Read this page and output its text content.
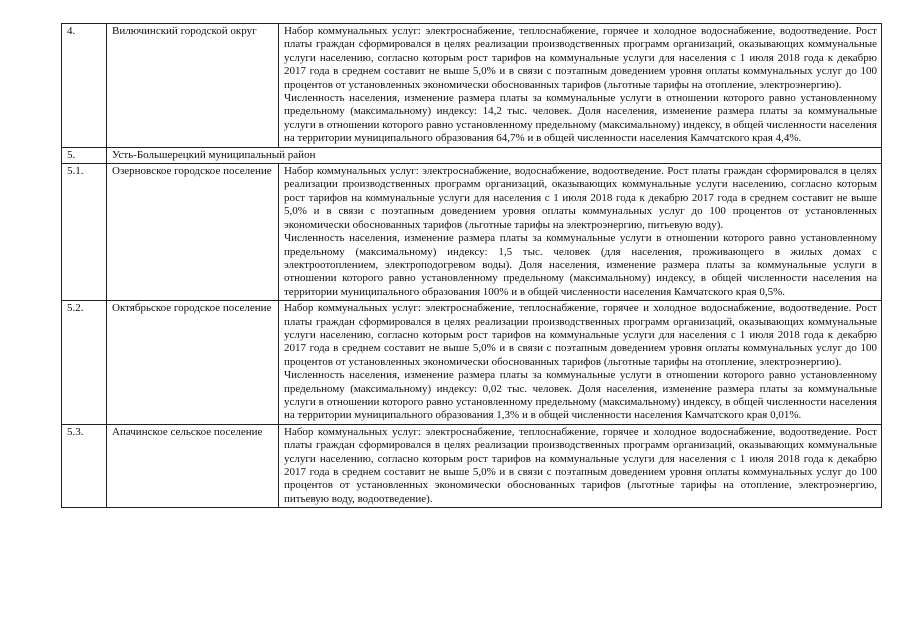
4.	Вилючинский городской округ	Набор коммунальных услуг: электроснабжение, теплоснабжение, горячее и холодное водоснабжение, водоотведение. Рост платы граждан сформировался в целях реализации производственных программ организаций, оказывающих коммунальные услуги населению, согласно которым рост тарифов на коммунальные услуги для населения с 1 июля 2018 года к декабрю 2017 года в среднем составит не выше 5,0% и в связи с поэтапным доведением уровня оплаты коммунальных услуг до 100 процентов от установленных экономически обоснованных тарифов (льготные тарифы на отопление, электроэнергию).

Численность населения, изменение размера платы за коммунальные услуги в отношении которого равно установленному предельному (максимальному) индексу: 14,2 тыс. человек. Доля населения, изменение размера платы за коммунальные услуги в отношении которого равно установленному предельному (максимальному) индексу, в общей численности населения на территории муниципального образования 64,7% и в общей численности населения Камчатского края 4,4%.

5.	Усть-Большерецкий муниципальный район	
5.1.	Озерновское городское поселение	Набор коммунальных услуг: электроснабжение, водоснабжение, водоотведение. Рост платы граждан сформировался в целях реализации производственных программ организаций, оказывающих коммунальные услуги населению, согласно которым рост тарифов на коммунальные услуги для населения с 1 июля 2018 года к декабрю 2017 года в среднем составит не выше 5,0% и в связи с поэтапным доведением уровня оплаты коммунальных услуг до 100 процентов от установленных экономически обоснованных тарифов (льготные тарифы на электроэнергию, питьевую воду).

Численность населения, изменение размера платы за коммунальные услуги в отношении которого равно установленному предельному (максимальному) индексу: 1,5 тыс. человек (для населения, проживающего в жилых домах с электроотоплением, электроподогревом воды). Доля населения, изменение размера платы за коммунальные услуги в отношении которого равно установленному предельному (максимальному) индексу, в общей численности населения на территории муниципального образования 100% и в общей численности населения Камчатского края 0,5%.

5.2.	Октябрьское городское поселение	Набор коммунальных услуг: электроснабжение, теплоснабжение, горячее и холодное водоснабжение, водоотведение. Рост платы граждан сформировался в целях реализации производственных программ организаций, оказывающих коммунальные услуги населению, согласно которым рост тарифов на коммунальные услуги для населения с 1 июля 2018 года к декабрю 2017 года в среднем составит не выше 5,0% и в связи с поэтапным доведением уровня оплаты коммунальных услуг до 100 процентов от установленных экономически обоснованных тарифов (льготные тарифы на отопление, электроэнергию).

Численность населения, изменение размера платы за коммунальные услуги в отношении которого равно установленному предельному (максимальному) индексу: 0,02 тыс. человек. Доля населения, изменение размера платы за коммунальные услуги в отношении которого равно установленному предельному (максимальному) индексу, в общей численности населения на территории муниципального образования 1,3% и в общей численности населения Камчатского края 0,01%.

5.3.	Апачинское сельское поселение	Набор коммунальных услуг: электроснабжение, теплоснабжение, горячее и холодное водоснабжение, водоотведение. Рост платы граждан сформировался в целях реализации производственных программ организаций, оказывающих коммунальные услуги населению, согласно которым рост тарифов на коммунальные услуги для населения с 1 июля 2018 года к декабрю 2017 года в среднем составит не выше 5,0% и в связи с поэтапным доведением уровня оплаты коммунальных услуг до 100 процентов от установленных экономически обоснованных тарифов (льготные тарифы на отопление, электроэнергию, питьевую воду, водоотведение).
